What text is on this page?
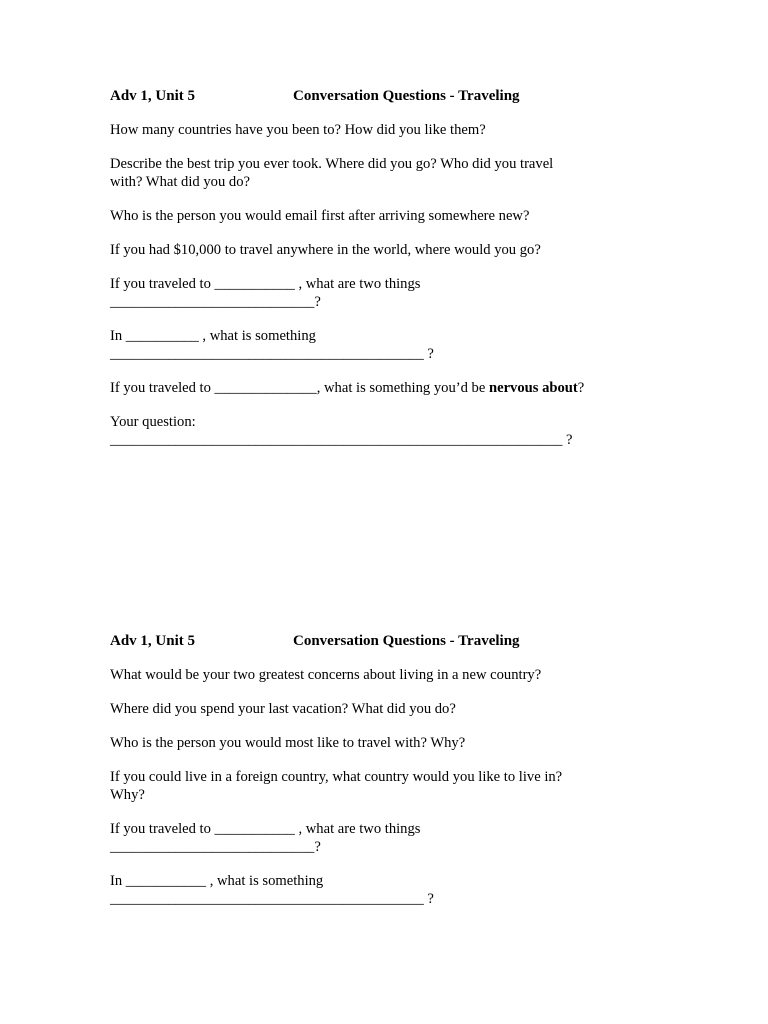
Adv 1, Unit 5	Conversation Questions - Traveling

How many countries have you been to? How did you like them?

Describe the best trip you ever took. Where did you go? Who did you travel

with? What did you do?

Who is the person you would email first after arriving somewhere new?

If you had $10,000 to travel anywhere in the world, where would you go?

If you traveled to ___________ , what are two things

____________________________?

In __________ , what is something

___________________________________________ ?

If you traveled to ______________, what is something you’d be nervous about?

Your question:

______________________________________________________________ ?

Adv 1, Unit 5	Conversation Questions - Traveling

What would be your two greatest concerns about living in a new country?

Where did you spend your last vacation? What did you do?

Who is the person you would most like to travel with? Why?

If you could live in a foreign country, what country would you like to live in?

Why?

If you traveled to ___________ , what are two things

____________________________?

In ___________ , what is something

___________________________________________ ?
